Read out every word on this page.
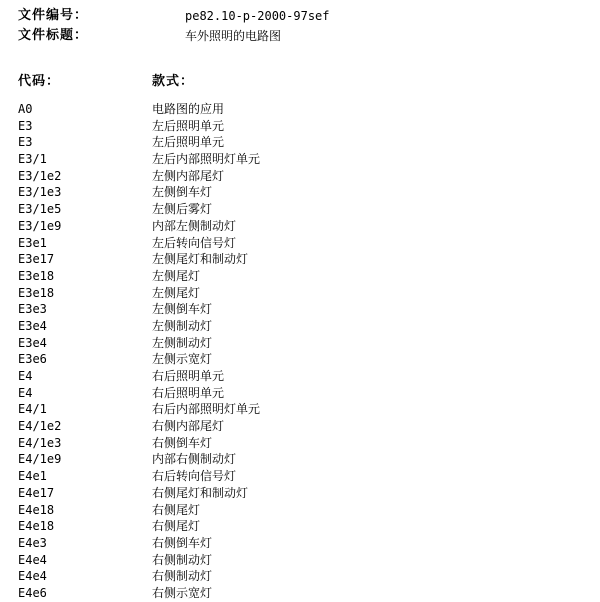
文件编号：	pe82.10-p-2000-97sef
文件标题：	车外照明的电路图
代码：	款式：
A0	电路图的应用
E3	左后照明单元
E3	左后照明单元
E3/1	左后内部照明灯单元
E3/1e2	左侧内部尾灯
E3/1e3	左侧倒车灯
E3/1e5	左侧后雾灯
E3/1e9	内部左侧制动灯
E3e1	左后转向信号灯
E3e17	左侧尾灯和制动灯
E3e18	左侧尾灯
E3e18	左侧尾灯
E3e3	左侧倒车灯
E3e4	左侧制动灯
E3e4	左侧制动灯
E3e6	左侧示宽灯
E4	右后照明单元
E4	右后照明单元
E4/1	右后内部照明灯单元
E4/1e2	右侧内部尾灯
E4/1e3	右侧倒车灯
E4/1e9	内部右侧制动灯
E4e1	右后转向信号灯
E4e17	右侧尾灯和制动灯
E4e18	右侧尾灯
E4e18	右侧尾灯
E4e3	右侧倒车灯
E4e4	右侧制动灯
E4e4	右侧制动灯
E4e6	右侧示宽灯
